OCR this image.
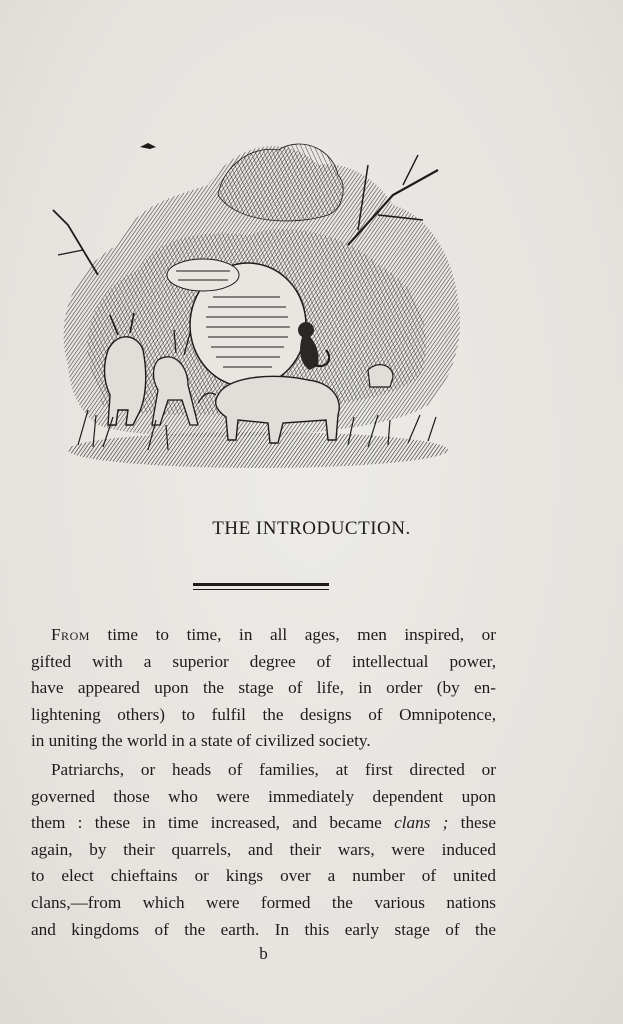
THE INTRODUCTION.
From time to time, in all ages, men inspired, or
gifted with a superior degree of intellectual power,
have appeared upon the stage of life, in order (by en-
lightening others) to fulfil the designs of Omnipotence,
in uniting the world in a state of civilized society.
Patriarchs, or heads of families, at first directed or
governed those who were immediately dependent upon
them : these in time increased, and became clans ; these
again, by their quarrels, and their wars, were induced
to elect chieftains or kings over a number of united
clans,—from which were formed the various nations
and kingdoms of the earth. In this early stage of the
b
